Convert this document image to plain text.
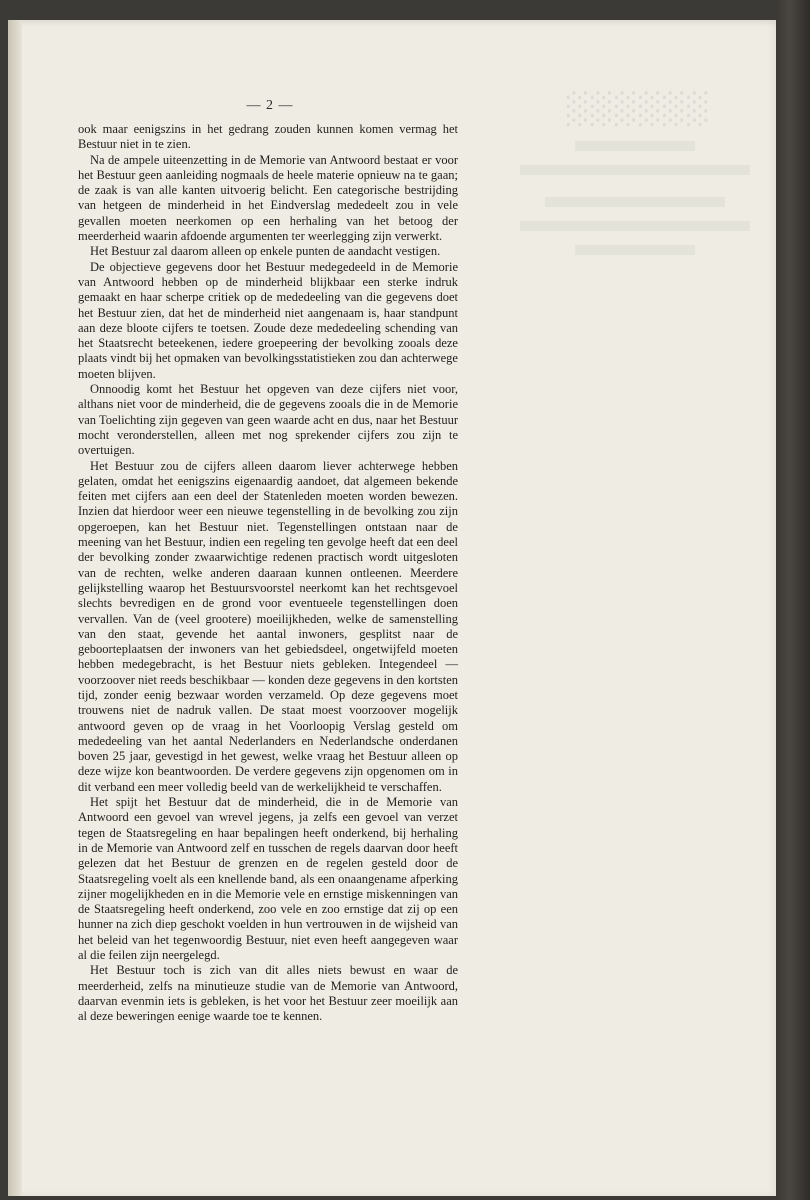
░░░░░░
— 2 —

ook maar eenigszins in het gedrang zouden kunnen komen vermag het Bestuur niet in te zien.

Na de ampele uiteenzetting in de Memorie van Antwoord bestaat er voor het Bestuur geen aanleiding nogmaals de heele materie opnieuw na te gaan; de zaak is van alle kanten uitvoerig belicht. Een categorische bestrijding van hetgeen de minderheid in het Eindverslag mededeelt zou in vele gevallen moeten neerkomen op een herhaling van het betoog der meerderheid waarin afdoende argumenten ter weerlegging zijn verwerkt.

Het Bestuur zal daarom alleen op enkele punten de aandacht vestigen.

De objectieve gegevens door het Bestuur medegedeeld in de Memorie van Antwoord hebben op de minderheid blijkbaar een sterke indruk gemaakt en haar scherpe critiek op de mededeeling van die gegevens doet het Bestuur zien, dat het de minderheid niet aangenaam is, haar standpunt aan deze bloote cijfers te toetsen. Zoude deze mededeeling schending van het Staatsrecht beteekenen, iedere groepeering der bevolking zooals deze plaats vindt bij het opmaken van bevolkingsstatistieken zou dan achterwege moeten blijven.

Onnoodig komt het Bestuur het opgeven van deze cijfers niet voor, althans niet voor de minderheid, die de gegevens zooals die in de Memorie van Toelichting zijn gegeven van geen waarde acht en dus, naar het Bestuur mocht veronderstellen, alleen met nog sprekender cijfers zou zijn te overtuigen.

Het Bestuur zou de cijfers alleen daarom liever achterwege hebben gelaten, omdat het eenigszins eigenaardig aandoet, dat algemeen bekende feiten met cijfers aan een deel der Statenleden moeten worden bewezen. Inzien dat hierdoor weer een nieuwe tegenstelling in de bevolking zou zijn opgeroepen, kan het Bestuur niet. Tegenstellingen ontstaan naar de meening van het Bestuur, indien een regeling ten gevolge heeft dat een deel der bevolking zonder zwaarwichtige redenen practisch wordt uitgesloten van de rechten, welke anderen daaraan kunnen ontleenen. Meerdere gelijkstelling waarop het Bestuursvoorstel neerkomt kan het rechtsgevoel slechts bevredigen en de grond voor eventueele tegenstellingen doen vervallen. Van de (veel grootere) moeilijkheden, welke de samenstelling van den staat, gevende het aantal inwoners, gesplitst naar de geboorteplaatsen der inwoners van het gebiedsdeel, ongetwijfeld moeten hebben medegebracht, is het Bestuur niets gebleken. Integendeel — voorzoover niet reeds beschikbaar — konden deze gegevens in den kortsten tijd, zonder eenig bezwaar worden verzameld. Op deze gegevens moet trouwens niet de nadruk vallen. De staat moest voorzoover mogelijk antwoord geven op de vraag in het Voorloopig Verslag gesteld om mededeeling van het aantal Nederlanders en Nederlandsche onderdanen boven 25 jaar, gevestigd in het gewest, welke vraag het Bestuur alleen op deze wijze kon beantwoorden. De verdere gegevens zijn opgenomen om in dit verband een meer volledig beeld van de werkelijkheid te verschaffen.

Het spijt het Bestuur dat de minderheid, die in de Memorie van Antwoord een gevoel van wrevel jegens, ja zelfs een gevoel van verzet tegen de Staatsregeling en haar bepalingen heeft onderkend, bij herhaling in de Memorie van Antwoord zelf en tusschen de regels daarvan door heeft gelezen dat het Bestuur de grenzen en de regelen gesteld door de Staatsregeling voelt als een knellende band, als een onaangename afperking zijner mogelijkheden en in die Memorie vele en ernstige miskenningen van de Staatsregeling heeft onderkend, zoo vele en zoo ernstige dat zij op een hunner na zich diep geschokt voelden in hun vertrouwen in de wijsheid van het beleid van het tegenwoordig Bestuur, niet even heeft aangegeven waar al die feilen zijn neergelegd.

Het Bestuur toch is zich van dit alles niets bewust en waar de meerderheid, zelfs na minutieuze studie van de Memorie van Antwoord, daarvan evenmin iets is gebleken, is het voor het Bestuur zeer moeilijk aan al deze beweringen eenige waarde toe te kennen.
